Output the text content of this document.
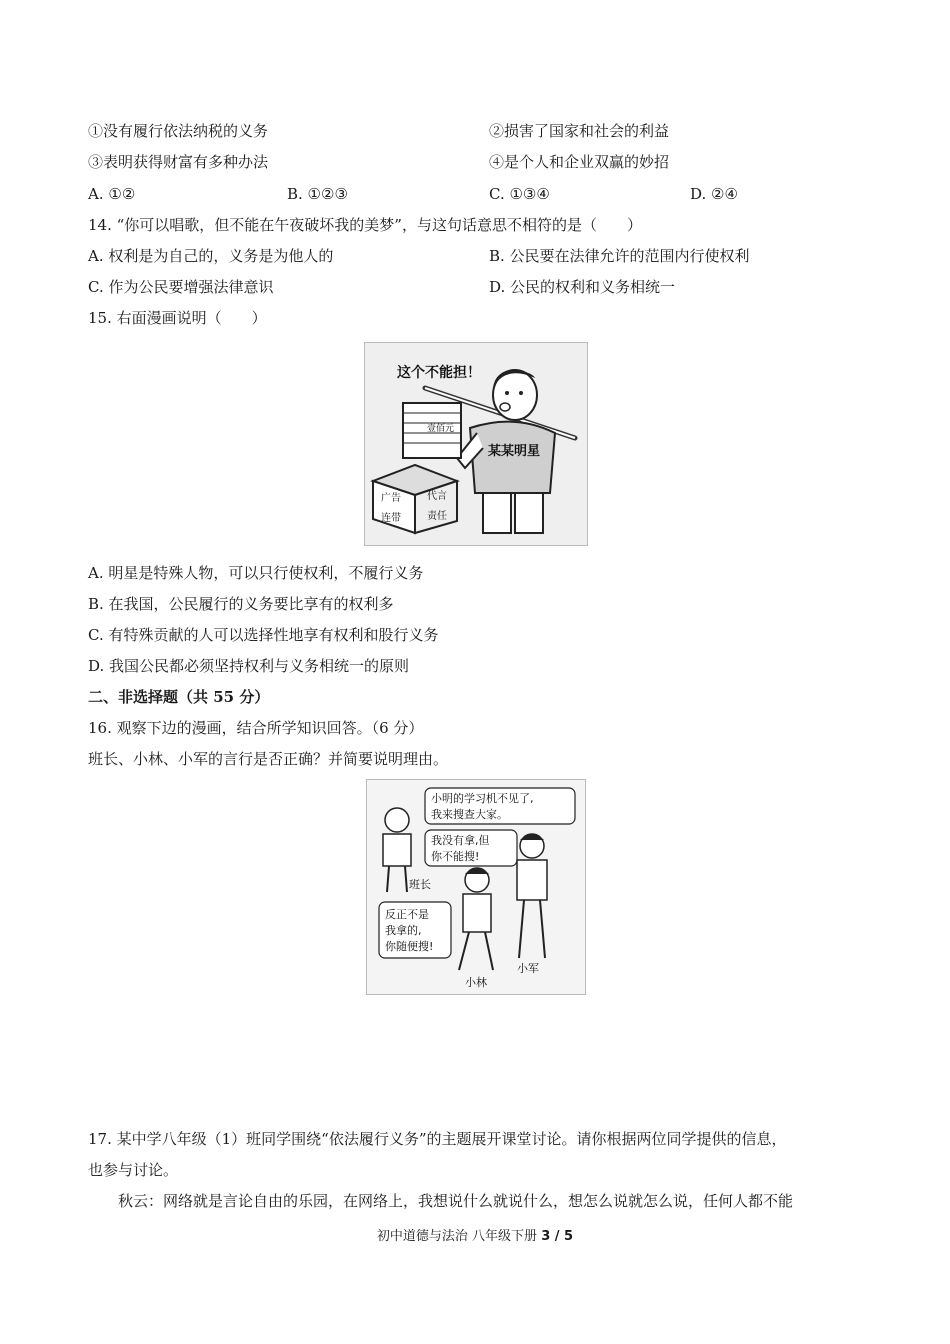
①没有履行依法纳税的义务	②损害了国家和社会的利益
③表明获得财富有多种办法	④是个人和企业双赢的妙招
A. ①②	B. ①②③	C. ①③④	D. ②④
14. “你可以唱歌，但不能在午夜破坏我的美梦”，与这句话意思不相符的是（　　）
A. 权利是为自己的，义务是为他人的	B. 公民要在法律允许的范围内行使权利
C. 作为公民要增强法律意识	D. 公民的权利和义务相统一
15. 右面漫画说明（　　）
这个不能担！
某某明星
壹佰元
广告	代言
连带	责任
A. 明星是特殊人物，可以只行使权利，不履行义务
B. 在我国，公民履行的义务要比享有的权利多
C. 有特殊贡献的人可以选择性地享有权利和股行义务
D. 我国公民都必须坚持权利与义务相统一的原则
二、非选择题（共 55 分）
16. 观察下边的漫画，结合所学知识回答。（6 分）
班长、小林、小军的言行是否正确？并简要说明理由。
班长
小明的学习机不见了,
我来搜查大家。
我没有拿,但
你不能搜!
小军
小林
反正不是
我拿的,
你随便搜!
17. 某中学八年级（1）班同学围绕“依法履行义务”的主题展开课堂讨论。请你根据两位同学提供的信息，
也参与讨论。
秋云：网络就是言论自由的乐园，在网络上，我想说什么就说什么，想怎么说就怎么说，任何人都不能
初中道德与法治 八年级下册 3 / 5
